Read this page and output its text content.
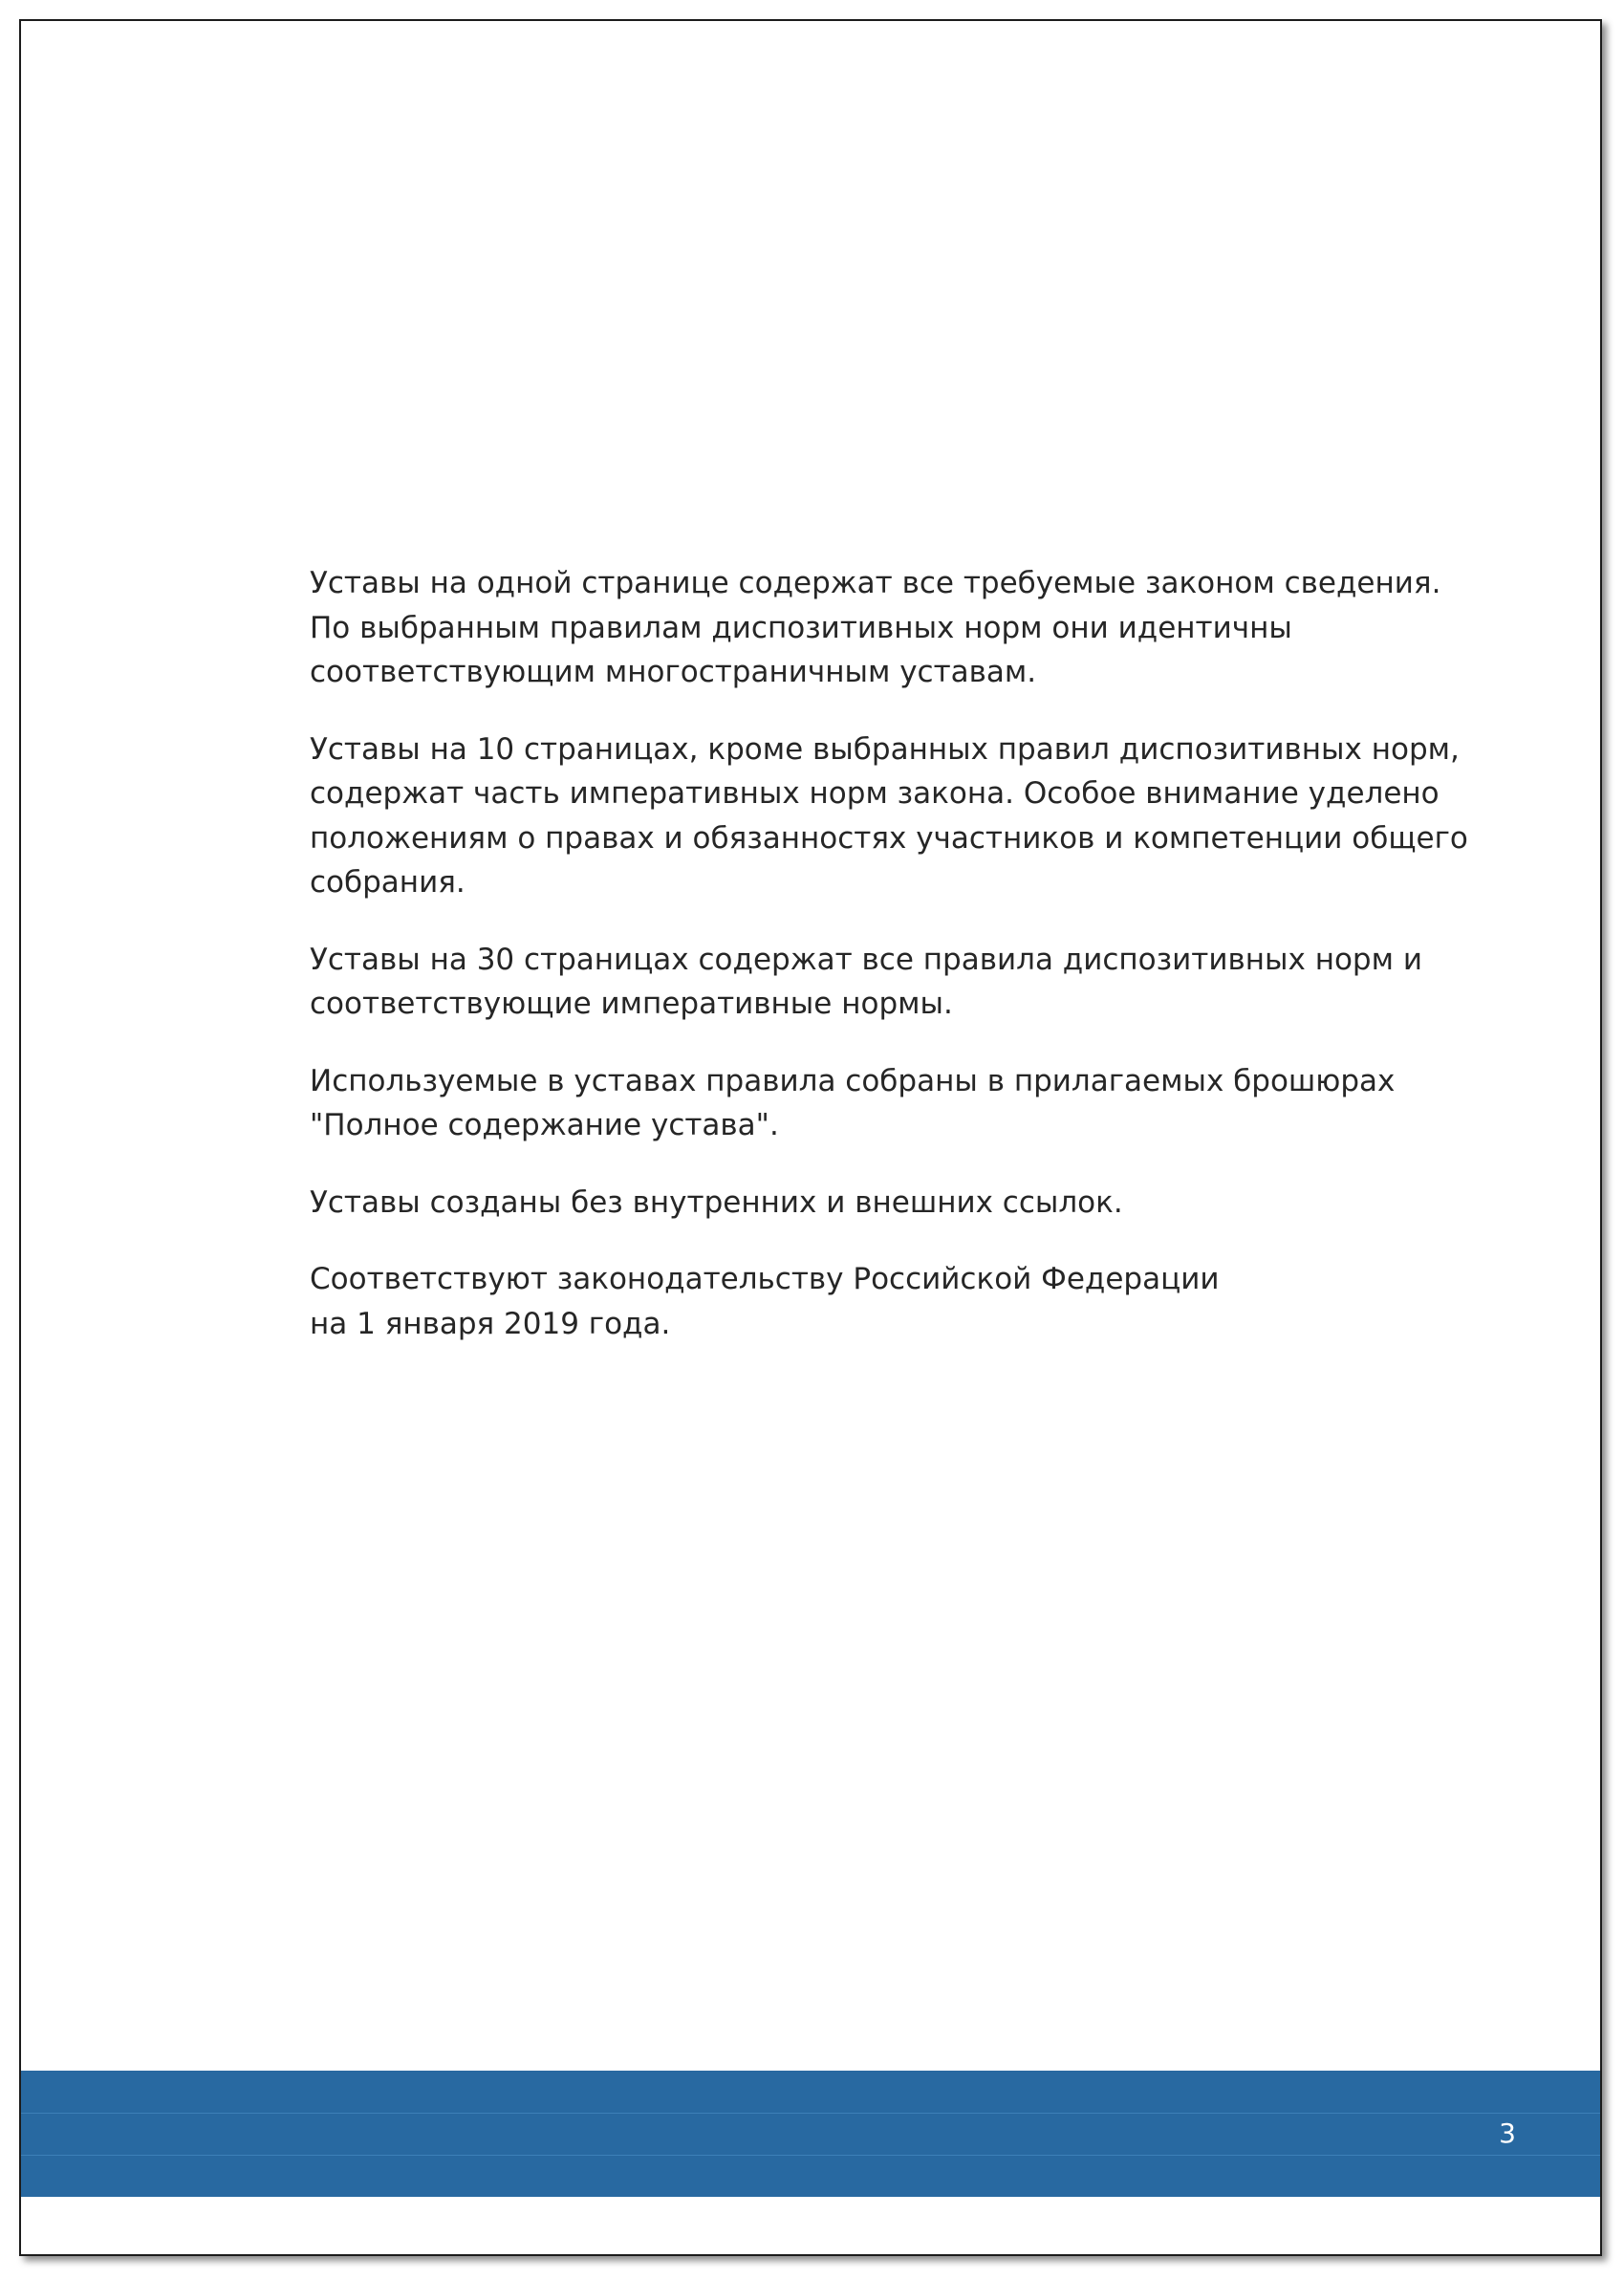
Уставы на одной странице содержат все требуемые законом сведения.
По выбранным правилам диспозитивных норм они идентичны
соответствующим многостраничным уставам.

Уставы на 10 страницах, кроме выбранных правил диспозитивных норм,
содержат часть императивных норм закона. Особое внимание уделено
положениям о правах и обязанностях участников и компетенции общего
собрания.

Уставы на 30 страницах содержат все правила диспозитивных норм и
соответствующие императивные нормы.

Используемые в уставах правила собраны в прилагаемых брошюрах
"Полное содержание устава".

Уставы созданы без внутренних и внешних ссылок.

Соответствуют законодательству Российской Федерации
на 1 января 2019 года.

3
